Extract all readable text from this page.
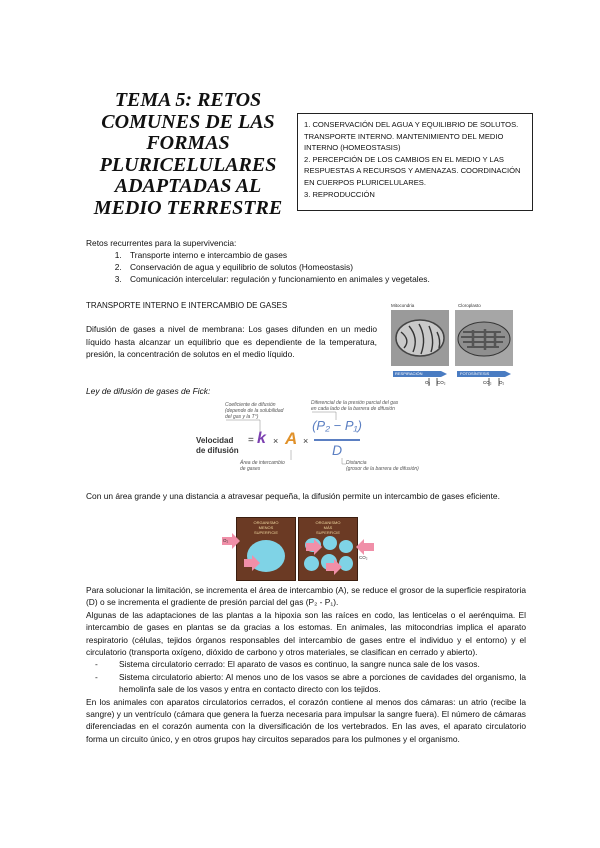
TEMA 5: RETOS
COMUNES DE LAS
FORMAS
PLURICELULARES
ADAPTADAS AL
MEDIO TERRESTRE
1. CONSERVACIÓN DEL AGUA Y EQUILIBRIO DE SOLUTOS. TRANSPORTE INTERNO. MANTENIMIENTO DEL MEDIO INTERNO (HOMEOSTASIS)
2. PERCEPCIÓN DE LOS CAMBIOS EN EL MEDIO Y LAS RESPUESTAS A RECURSOS Y AMENAZAS. COORDINACIÓN EN CUERPOS PLURICELULARES.
3. REPRODUCCIÓN
Retos recurrentes para la supervivencia:
1. Transporte interno e intercambio de gases
2. Conservación de agua y equilibrio de solutos (Homeostasis)
3. Comunicación intercelular: regulación y funcionamiento en animales y vegetales.
TRANSPORTE INTERNO E INTERCAMBIO DE GASES
Difusión de gases a nivel de membrana: Los gases difunden en un medio líquido hasta alcanzar un equilibrio que es dependiente de la temperatura, presión, la concentración de solutos en el medio líquido.
Mitocondria	Cloroplasto
RESPIRACIÓN	FOTOSÍNTESIS
O₂ CO₂	CO₂ O₂
Ley de difusión de gases de Fick:
Velocidad
de difusión
Coeficiente de difusión
(depende de la solubilidad
del gas y la T°)
Diferencial de la presión parcial del gas
en cada lado de la barrera de difusión
= k × A ×
(P₂ − P₁)
D
Área de intercambio
de gases
Distancia
(grosor de la barrera de difusión)
Con un área grande y una distancia a atravesar pequeña, la difusión permite un intercambio de gases eficiente.
ORGANISMO
MENOS
SUPERFICIE
ORGANISMO
MÁS
SUPERFICIE
O₂
CO₂
Para solucionar la limitación, se incrementa el área de intercambio (A), se reduce el grosor de la superficie respiratoria (D) o se incrementa el gradiente de presión parcial del gas (P₂ - P₁).
Algunas de las adaptaciones de las plantas a la hipoxia son las raíces en codo, las lenticelas o el aerénquima. El intercambio de gases en plantas se da gracias a los estomas. En animales, las mitocondrias implica el aparato respiratorio (células, tejidos órganos responsables del intercambio de gases entre el individuo y el entorno) y el circulatorio (transporta oxígeno, dióxido de carbono y otros materiales, se clasifican en cerrado y abierto).
- Sistema circulatorio cerrado: El aparato de vasos es continuo, la sangre nunca sale de los vasos.
- Sistema circulatorio abierto: Al menos uno de los vasos se abre a porciones de cavidades del organismo, la hemolinfa sale de los vasos y entra en contacto directo con los tejidos.
En los animales con aparatos circulatorios cerrados, el corazón contiene al menos dos cámaras: un atrio (recibe la sangre) y un ventrículo (cámara que genera la fuerza necesaria para impulsar la sangre fuera). El número de cámaras diferenciadas en el corazón aumenta con la diversificación de los vertebrados. En las aves, el aparato circulatorio forma un circuito único, y en otros grupos hay circuitos separados para los pulmones y el organismo.
